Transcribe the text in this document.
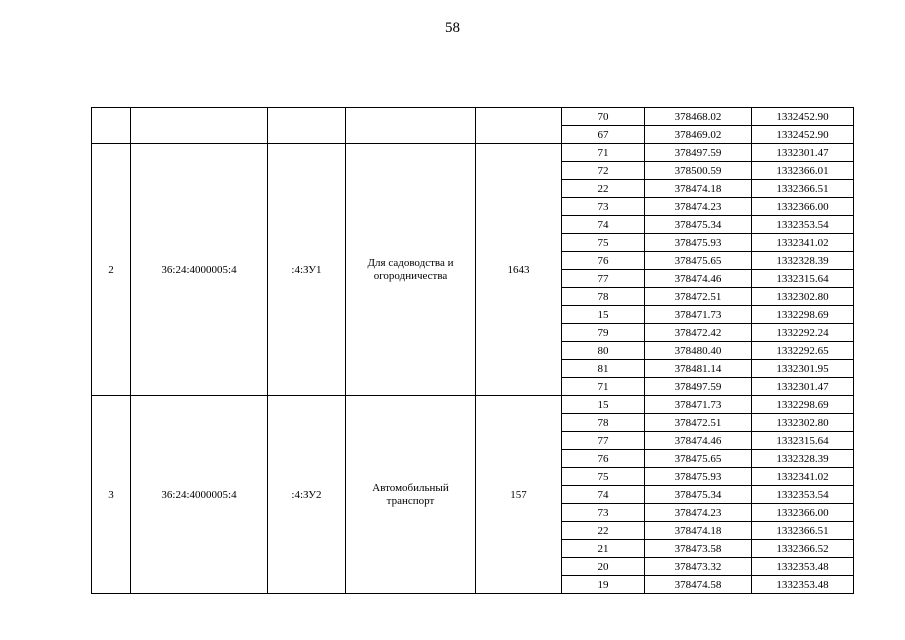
58
					70	378468.02	1332452.90
					67	378469.02	1332452.90
2	36:24:4000005:4	:4:ЗУ1	Для садоводства и огородничества	1643	71	378497.59	1332301.47
					72	378500.59	1332366.01
					22	378474.18	1332366.51
					73	378474.23	1332366.00
					74	378475.34	1332353.54
					75	378475.93	1332341.02
					76	378475.65	1332328.39
					77	378474.46	1332315.64
					78	378472.51	1332302.80
					15	378471.73	1332298.69
					79	378472.42	1332292.24
					80	378480.40	1332292.65
					81	378481.14	1332301.95
					71	378497.59	1332301.47
3	36:24:4000005:4	:4:ЗУ2	Автомобильный транспорт	157	15	378471.73	1332298.69
					78	378472.51	1332302.80
					77	378474.46	1332315.64
					76	378475.65	1332328.39
					75	378475.93	1332341.02
					74	378475.34	1332353.54
					73	378474.23	1332366.00
					22	378474.18	1332366.51
					21	378473.58	1332366.52
					20	378473.32	1332353.48
					19	378474.58	1332353.48
